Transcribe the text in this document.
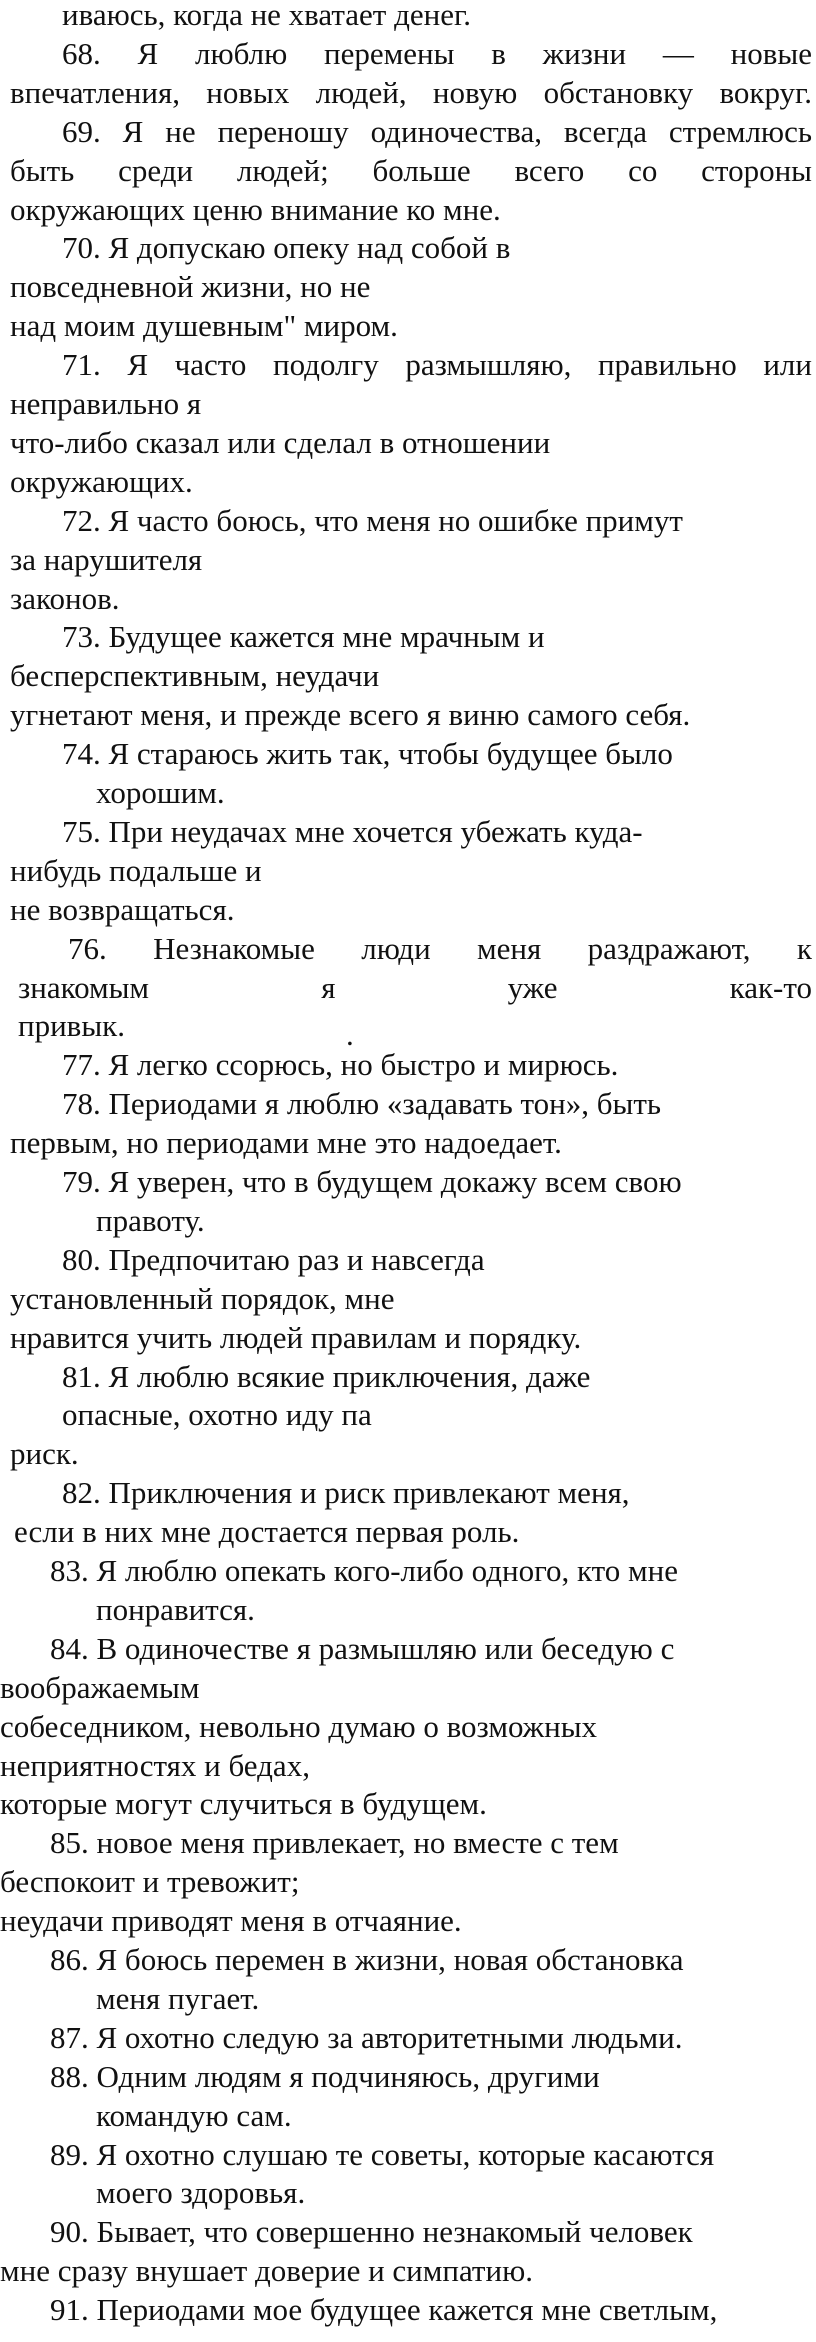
иваюсь, когда не хватает денег.
68. Я люблю перемены в жизни — новые
впечатления, новых людей, новую обстановку вокруг.
69. Я не переношу одиночества, всегда стремлюсь
быть среди людей; больше всего со стороны
окружающих ценю внимание ко мне.
70. Я допускаю опеку над собой в
повседневной жизни, но не
над моим душевным" миром.
71. Я часто подолгу размышляю, правильно или
неправильно я
что-либо сказал или сделал в отношении
окружающих.
72. Я часто боюсь, что меня но ошибке примут
за нарушителя
законов.
73. Будущее кажется мне мрачным и
бесперспективным, неудачи
угнетают меня, и прежде всего я виню самого себя.
74. Я стараюсь жить так, чтобы будущее было
хорошим.
75. При неудачах мне хочется убежать куда-
нибудь подальше и
не возвращаться.
76. Незнакомые люди меня раздражают, к
знакомым я уже как-то
привык.
77. Я легко ссорюсь, но быстро и мирюсь.
78. Периодами я люблю «задавать тон», быть
первым, но периодами мне это надоедает.
79. Я уверен, что в будущем докажу всем свою
правоту.
80. Предпочитаю раз и навсегда
установленный порядок, мне
нравится учить людей правилам и порядку.
81. Я люблю всякие приключения, даже
опасные, охотно иду па
риск.
82. Приключения и риск привлекают меня,
если в них мне достается первая роль.
83. Я люблю опекать кого-либо одного, кто мне
понравится.
84. В одиночестве я размышляю или беседую с
воображаемым
собеседником, невольно думаю о возможных
неприятностях и бедах,
которые могут случиться в будущем.
85. новое меня привлекает, но вместе с тем
беспокоит и тревожит;
неудачи приводят меня в отчаяние.
86. Я боюсь перемен в жизни, новая обстановка
меня пугает.
87. Я охотно следую за авторитетными людьми.
88. Одним людям я подчиняюсь, другими
командую сам.
89. Я охотно слушаю те советы, которые касаются
моего здоровья.
90. Бывает, что совершенно незнакомый человек
мне сразу внушает доверие и симпатию.
91. Периодами мое будущее кажется мне светлым,
.
